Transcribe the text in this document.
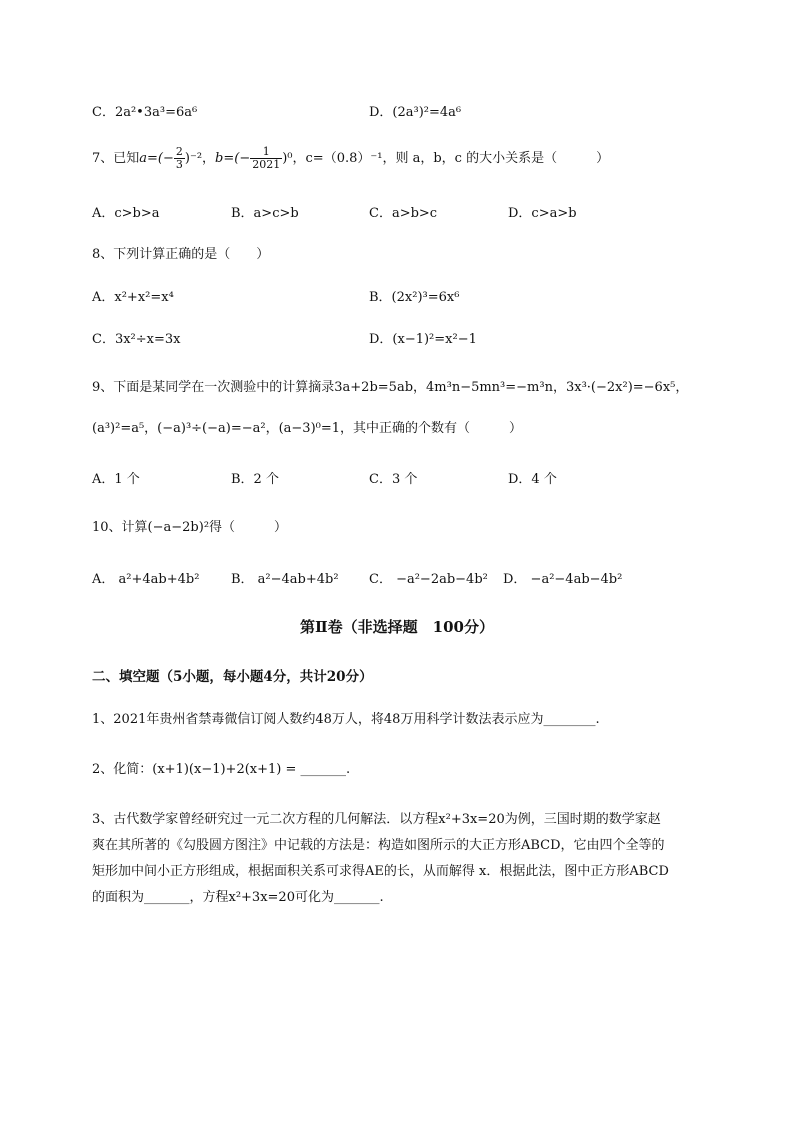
C．2a²•3a³=6a⁶	D．(2a³)²=4a⁶
7、已知$a=(- \frac{2}{3} )^{-2}$，$b=(- \frac{1}{2021} )^0$，c=（0.8）⁻¹，则 a，b，c 的大小关系是（　　　）
A．c>b>a	B．a>c>b	C．a>b>c	D．c>a>b
8、下列计算正确的是（　　）
A．x²+x²=x⁴	B．(2x²)³=6x⁶
C．3x²÷x=3x	D．(x−1)²=x²−1
9、下面是某同学在一次测验中的计算摘录3a+2b=5ab，4m³n−5mn³=−m³n，3x³·(−2x²)=−6x⁵，
(a³)²=a⁵，(−a)³÷(−a)=−a²，(a−3)⁰=1，其中正确的个数有（　　　）
A．1 个	B．2 个	C．3 个	D．4 个
10、计算(−a−2b)²得（　　　）
A． a²+4ab+4b² B． a²−4ab+4b² C． −a²−2ab−4b² D． −a²−4ab−4b²
第Ⅱ卷（非选择题　100分）
二、填空题（5小题，每小题4分，共计20分）
1、2021年贵州省禁毒微信订阅人数约48万人，将48万用科学计数法表示应为________.
2、化简：(x+1)(x−1)+2(x+1) = _______.
3、古代数学家曾经研究过一元二次方程的几何解法．以方程x²+3x=20为例，三国时期的数学家赵
爽在其所著的《勾股圆方图注》中记载的方法是：构造如图所示的大正方形ABCD，它由四个全等的
矩形加中间小正方形组成，根据面积关系可求得AE的长，从而解得 x．根据此法，图中正方形ABCD
的面积为_______，方程x²+3x=20可化为_______.
